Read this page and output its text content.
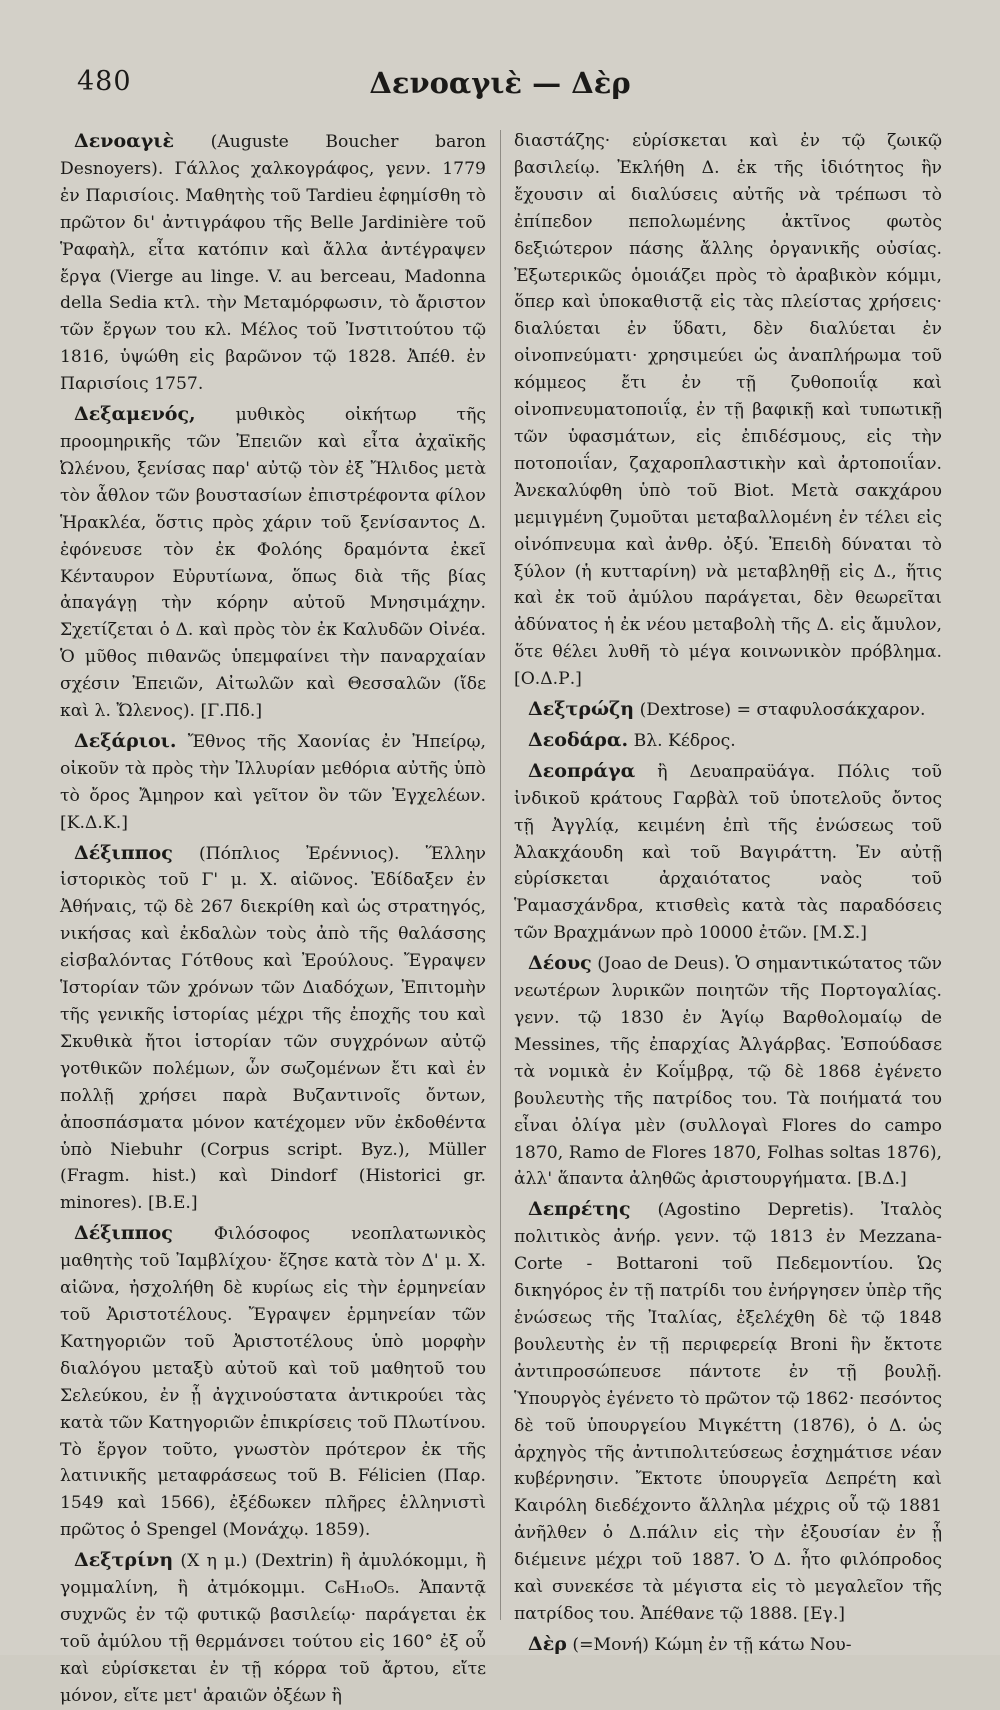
480	Δενοαγιὲ — Δὲρ

Δενοαγιὲ (Auguste Boucher baron Desnoyers). Γάλλος χαλκογράφος, γενν. 1779 ἐν Παρισίοις. Μαθητὴς τοῦ Tardieu ἐφημίσθη τὸ πρῶτον δι' ἀντιγράφου τῆς Belle Jardinière τοῦ Ῥαφαὴλ, εἶτα κατόπιν καὶ ἄλλα ἀντέγραψεν ἔργα (Vierge au linge. V. au berceau, Madonna della Sedia κτλ. τὴν Μεταμόρφωσιν, τὸ ἄριστον τῶν ἔργων του κλ. Μέλος τοῦ Ἰνστιτούτου τῷ 1816, ὑψώθη εἰς βαρῶνον τῷ 1828. Ἀπέθ. ἐν Παρισίοις 1757.

Δεξαμενός, μυθικὸς οἰκήτωρ τῆς προομηρικῆς τῶν Ἐπειῶν καὶ εἶτα ἀχαϊκῆς Ὠλένου, ξενίσας παρ' αὐτῷ τὸν ἐξ Ἤλιδος μετὰ τὸν ἆθλον τῶν βουστασίων ἐπιστρέφοντα φίλον Ἡρακλέα, ὅστις πρὸς χάριν τοῦ ξενίσαντος Δ. ἐφόνευσε τὸν ἐκ Φολόης δραμόντα ἐκεῖ Κένταυρον Εὐρυτίωνα, ὅπως διὰ τῆς βίας ἀπαγάγῃ τὴν κόρην αὐτοῦ Μνησιμάχην. Σχετίζεται ὁ Δ. καὶ πρὸς τὸν ἐκ Καλυδῶν Οἰνέα. Ὁ μῦθος πιθανῶς ὑπεμφαίνει τὴν παναρχαίαν σχέσιν Ἐπειῶν, Αἰτωλῶν καὶ Θεσσαλῶν (ἴδε καὶ λ. Ὤλενος). [Γ.Πδ.]

Δεξάριοι. Ἔθνος τῆς Χαονίας ἐν Ἠπείρῳ, οἰκοῦν τὰ πρὸς τὴν Ἰλλυρίαν μεθόρια αὐτῆς ὑπὸ τὸ ὄρος Ἄμηρον καὶ γεῖτον ὂν τῶν Ἐγχελέων. [Κ.Δ.Κ.]

Δέξιππος (Πόπλιος Ἐρέννιος). Ἕλλην ἱστορικὸς τοῦ Γ' μ. Χ. αἰῶνος. Ἐδίδαξεν ἐν Ἀθήναις, τῷ δὲ 267 διεκρίθη καὶ ὡς στρατηγός, νικήσας καὶ ἐκδαλὼν τοὺς ἀπὸ τῆς θαλάσσης εἰσβαλόντας Γότθους καὶ Ἐρούλους. Ἔγραψεν Ἱστορίαν τῶν χρόνων τῶν Διαδόχων, Ἐπιτομὴν τῆς γενικῆς ἱστορίας μέχρι τῆς ἐποχῆς του καὶ Σκυθικὰ ἤτοι ἱστορίαν τῶν συγχρόνων αὐτῷ γοτθικῶν πολέμων, ὧν σωζομένων ἔτι καὶ ἐν πολλῇ χρήσει παρὰ Βυζαντινοῖς ὄντων, ἀποσπάσματα μόνον κατέχομεν νῦν ἐκδοθέντα ὑπὸ Niebuhr (Corpus script. Byz.), Müller (Fragm. hist.) καὶ Dindorf (Historici gr. minores). [Β.Ε.]

Δέξιππος Φιλόσοφος νεοπλατωνικὸς μαθητὴς τοῦ Ἰαμβλίχου· ἔζησε κατὰ τὸν Δ' μ. Χ. αἰῶνα, ἠσχολήθη δὲ κυρίως εἰς τὴν ἑρμηνείαν τοῦ Ἀριστοτέλους. Ἔγραψεν ἑρμηνείαν τῶν Κατηγοριῶν τοῦ Ἀριστοτέλους ὑπὸ μορφὴν διαλόγου μεταξὺ αὐτοῦ καὶ τοῦ μαθητοῦ του Σελεύκου, ἐν ᾗ ἀγχινούστατα ἀντικρούει τὰς κατὰ τῶν Κατηγοριῶν ἐπικρίσεις τοῦ Πλωτίνου. Τὸ ἔργον τοῦτο, γνωστὸν πρότερον ἐκ τῆς λατινικῆς μεταφράσεως τοῦ B. Félicien (Παρ. 1549 καὶ 1566), ἐξέδωκεν πλῆρες ἑλληνιστὶ πρῶτος ὁ Spengel (Μονάχῳ. 1859).

Δεξτρίνη (Χ η μ.) (Dextrin) ἢ ἀμυλόκομμι, ἢ γομμαλίνη, ἢ ἀτμόκομμι. C₆H₁₀O₅. Ἀπαντᾷ συχνῶς ἐν τῷ φυτικῷ βασιλείῳ· παράγεται ἐκ τοῦ ἀμύλου τῇ θερμάνσει τούτου εἰς 160° ἐξ οὗ καὶ εὑρίσκεται ἐν τῇ κόρρα τοῦ ἄρτου, εἴτε μόνον, εἴτε μετ' ἀραιῶν ὀξέων ἢ

διαστάζης· εὑρίσκεται καὶ ἐν τῷ ζωικῷ βασιλείῳ. Ἐκλήθη Δ. ἐκ τῆς ἰδιότητος ἣν ἔχουσιν αἱ διαλύσεις αὐτῆς νὰ τρέπωσι τὸ ἐπίπεδον πεπολωμένης ἀκτῖνος φωτὸς δεξιώτερον πάσης ἄλλης ὀργανικῆς οὐσίας. Ἐξωτερικῶς ὁμοιάζει πρὸς τὸ ἀραβικὸν κόμμι, ὅπερ καὶ ὑποκαθιστᾷ εἰς τὰς πλείστας χρήσεις· διαλύεται ἐν ὕδατι, δὲν διαλύεται ἐν οἰνοπνεύματι· χρησιμεύει ὡς ἀναπλήρωμα τοῦ κόμμεος ἔτι ἐν τῇ ζυθοποιΐᾳ καὶ οἰνοπνευματοποιΐᾳ, ἐν τῇ βαφικῇ καὶ τυπωτικῇ τῶν ὑφασμάτων, εἰς ἐπιδέσμους, εἰς τὴν ποτοποιΐαν, ζαχαροπλαστικὴν καὶ ἀρτοποιΐαν. Ἀνεκαλύφθη ὑπὸ τοῦ Biot. Μετὰ σακχάρου μεμιγμένη ζυμοῦται μεταβαλλομένη ἐν τέλει εἰς οἰνόπνευμα καὶ ἀνθρ. ὀξύ. Ἐπειδὴ δύναται τὸ ξύλον (ἡ κυτταρίνη) νὰ μεταβληθῇ εἰς Δ., ἥτις καὶ ἐκ τοῦ ἀμύλου παράγεται, δὲν θεωρεῖται ἀδύνατος ἡ ἐκ νέου μεταβολὴ τῆς Δ. εἰς ἄμυλον, ὅτε θέλει λυθῆ τὸ μέγα κοινωνικὸν πρόβλημα. [Ο.Δ.Ρ.]

Δεξτρώζη (Dextrose) = σταφυλοσάκχαρον.

Δεοδάρα. Βλ. Κέδρος.

Δεοπράγα ἢ Δευαπραϋάγα. Πόλις τοῦ ἰνδικοῦ κράτους Γαρβὰλ τοῦ ὑποτελοῦς ὄντος τῇ Ἀγγλίᾳ, κειμένη ἐπὶ τῆς ἑνώσεως τοῦ Ἀλακχάουδη καὶ τοῦ Βαγιράττη. Ἐν αὐτῇ εὑρίσκεται ἀρχαιότατος ναὸς τοῦ Ῥαμασχάνδρα, κτισθεὶς κατὰ τὰς παραδόσεις τῶν Βραχμάνων πρὸ 10000 ἐτῶν. [Μ.Σ.]

Δέους (Joao de Deus). Ὁ σημαντικώτατος τῶν νεωτέρων λυρικῶν ποιητῶν τῆς Πορτογαλίας. γενν. τῷ 1830 ἐν Ἁγίῳ Βαρθολομαίῳ de Messines, τῆς ἐπαρχίας Ἀλγάρβας. Ἐσπούδασε τὰ νομικὰ ἐν Κοΐμβρᾳ, τῷ δὲ 1868 ἐγένετο βουλευτὴς τῆς πατρίδος του. Τὰ ποιήματά του εἶναι ὀλίγα μὲν (συλλογαὶ Flores do campo 1870, Ramo de Flores 1870, Folhas soltas 1876), ἀλλ' ἅπαντα ἀληθῶς ἀριστουργήματα. [Β.Δ.]

Δεπρέτης (Agostino Depretis). Ἰταλὸς πολιτικὸς ἀνήρ. γενν. τῷ 1813 ἐν Mezzana-Corte - Bottaroni τοῦ Πεδεμοντίου. Ὡς δικηγόρος ἐν τῇ πατρίδι του ἐνήργησεν ὑπὲρ τῆς ἑνώσεως τῆς Ἰταλίας, ἐξελέχθη δὲ τῷ 1848 βουλευτὴς ἐν τῇ περιφερείᾳ Broni ἣν ἔκτοτε ἀντιπροσώπευσε πάντοτε ἐν τῇ βουλῇ. Ὑπουργὸς ἐγένετο τὸ πρῶτον τῷ 1862· πεσόντος δὲ τοῦ ὑπουργείου Μιγκέττη (1876), ὁ Δ. ὡς ἀρχηγὸς τῆς ἀντιπολιτεύσεως ἐσχημάτισε νέαν κυβέρνησιν. Ἔκτοτε ὑπουργεῖα Δεπρέτη καὶ Καιρόλη διεδέχοντο ἄλληλα μέχρις οὗ τῷ 1881 ἀνῆλθεν ὁ Δ.πάλιν εἰς τὴν ἐξουσίαν ἐν ᾗ διέμεινε μέχρι τοῦ 1887. Ὁ Δ. ἦτο φιλόπροδος καὶ συνεκέσε τὰ μέγιστα εἰς τὸ μεγαλεῖον τῆς πατρίδος του. Ἀπέθανε τῷ 1888. [Εγ.]

Δὲρ (=Μονή) Κώμη ἐν τῇ κάτω Νου-
